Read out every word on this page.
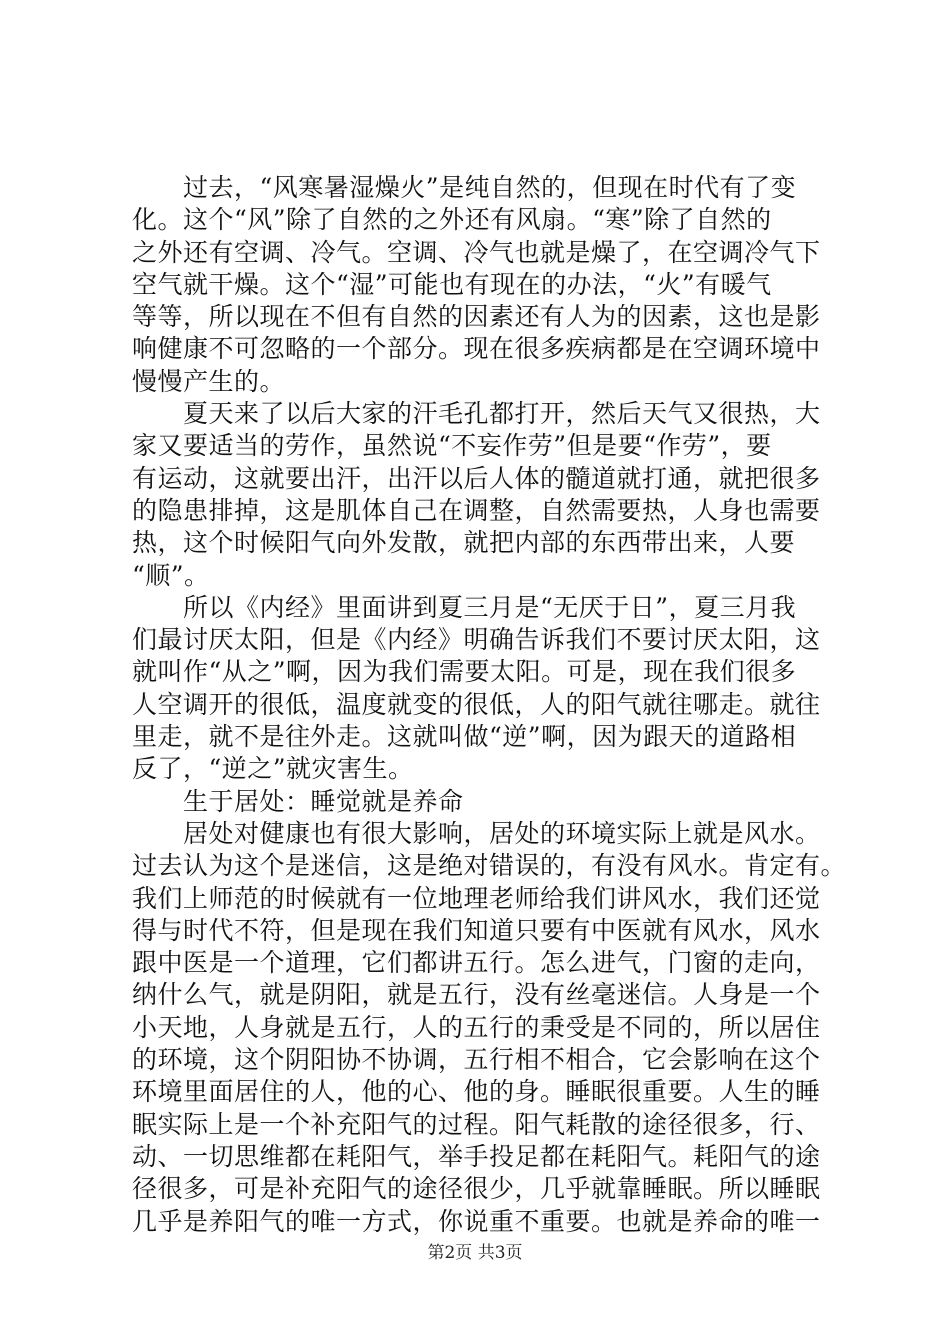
　　过去，“风寒暑湿燥火”是纯自然的，但现在时代有了变
化。这个“风”除了自然的之外还有风扇。“寒”除了自然的
之外还有空调、冷气。空调、冷气也就是燥了，在空调冷气下
空气就干燥。这个“湿”可能也有现在的办法，“火”有暖气
等等，所以现在不但有自然的因素还有人为的因素，这也是影
响健康不可忽略的一个部分。现在很多疾病都是在空调环境中
慢慢产生的。
　　夏天来了以后大家的汗毛孔都打开，然后天气又很热，大
家又要适当的劳作，虽然说“不妄作劳”但是要“作劳”，要
有运动，这就要出汗，出汗以后人体的髓道就打通，就把很多
的隐患排掉，这是肌体自己在调整，自然需要热，人身也需要
热，这个时候阳气向外发散，就把内部的东西带出来，人要
“顺”。
　　所以《内经》里面讲到夏三月是“无厌于日”，夏三月我
们最讨厌太阳，但是《内经》明确告诉我们不要讨厌太阳，这
就叫作“从之”啊，因为我们需要太阳。可是，现在我们很多
人空调开的很低，温度就变的很低，人的阳气就往哪走。就往
里走，就不是往外走。这就叫做“逆”啊，因为跟天的道路相
反了，“逆之”就灾害生。
　　生于居处：睡觉就是养命
　　居处对健康也有很大影响，居处的环境实际上就是风水。
过去认为这个是迷信，这是绝对错误的，有没有风水。肯定有。
我们上师范的时候就有一位地理老师给我们讲风水，我们还觉
得与时代不符，但是现在我们知道只要有中医就有风水，风水
跟中医是一个道理，它们都讲五行。怎么进气，门窗的走向，
纳什么气，就是阴阳，就是五行，没有丝毫迷信。人身是一个
小天地，人身就是五行，人的五行的秉受是不同的，所以居住
的环境，这个阴阳协不协调，五行相不相合，它会影响在这个
环境里面居住的人，他的心、他的身。睡眠很重要。人生的睡
眠实际上是一个补充阳气的过程。阳气耗散的途径很多，行、
动、一切思维都在耗阳气，举手投足都在耗阳气。耗阳气的途
径很多，可是补充阳气的途径很少，几乎就靠睡眠。所以睡眠
几乎是养阳气的唯一方式，你说重不重要。也就是养命的唯一
第2页 共3页
